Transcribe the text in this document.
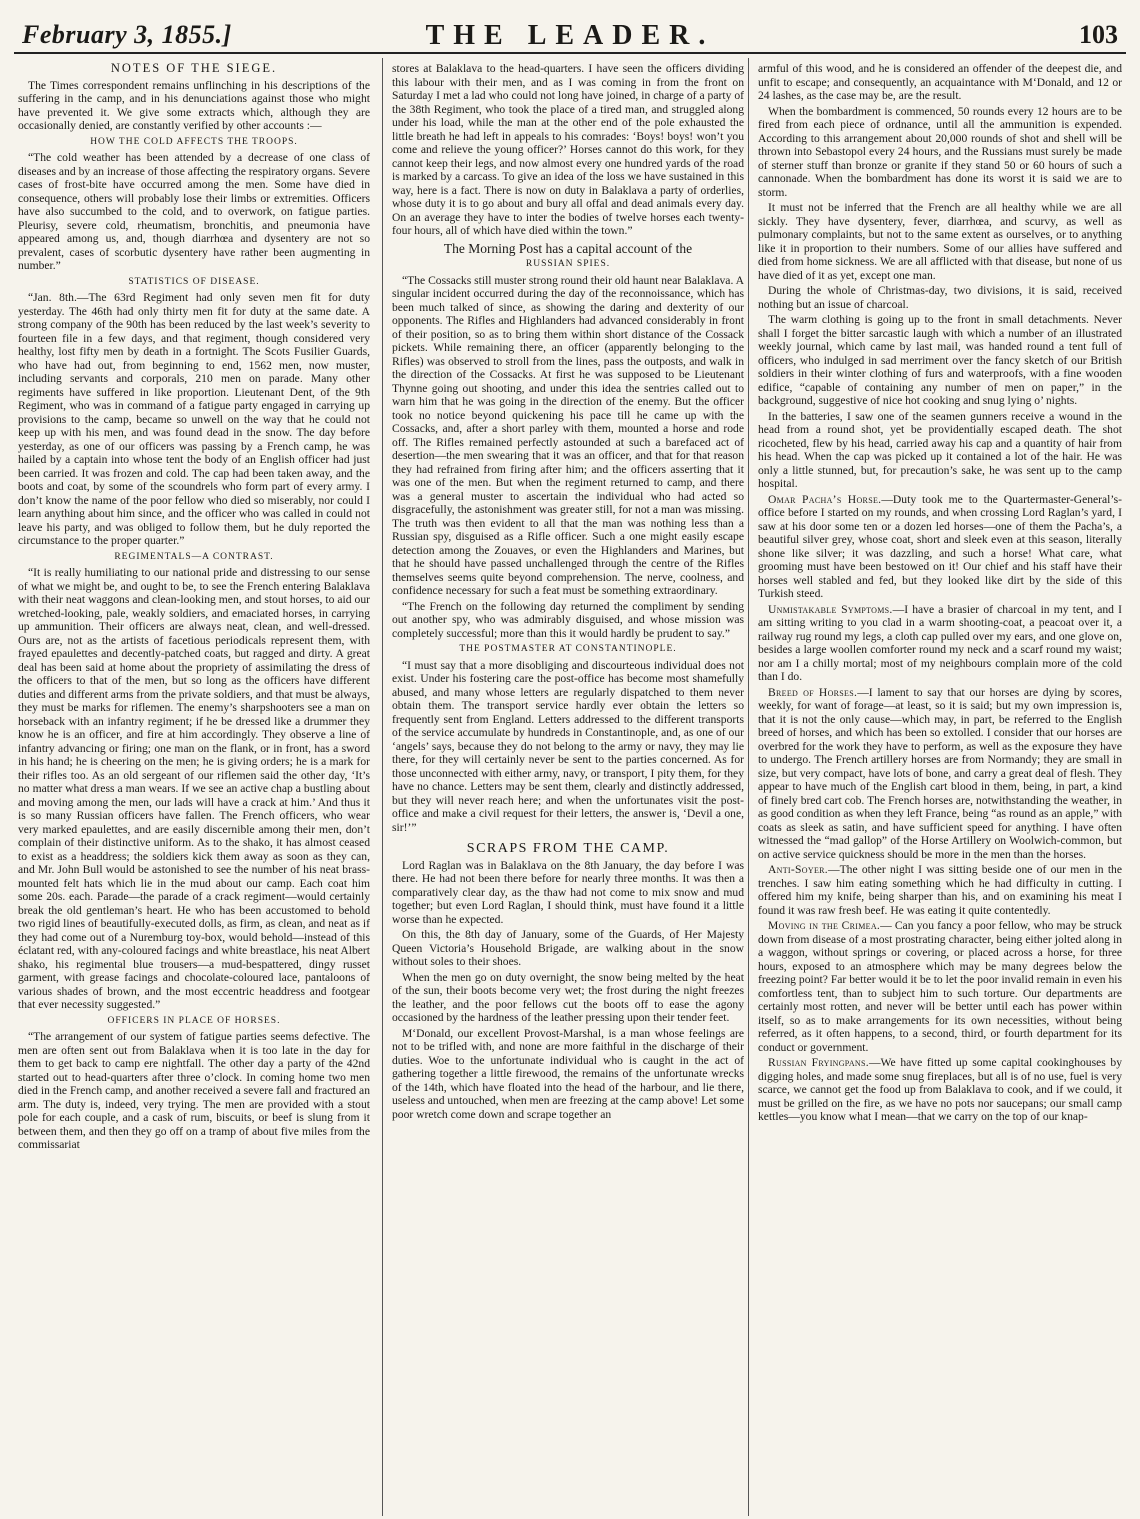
February 3, 1855.]	THE LEADER.	103
NOTES OF THE SIEGE.

The Times correspondent remains unflinching in his descriptions of the suffering in the camp, and in his denunciations against those who might have prevented it. We give some extracts which, although they are occasionally denied, are constantly verified by other accounts :—

HOW THE COLD AFFECTS THE TROOPS.

“The cold weather has been attended by a decrease of one class of diseases and by an increase of those affecting the respiratory organs. Severe cases of frost-bite have occurred among the men. Some have died in consequence, others will probably lose their limbs or extremities. Officers have also succumbed to the cold, and to overwork, on fatigue parties. Pleurisy, severe cold, rheumatism, bronchitis, and pneumonia have appeared among us, and, though diarrhœa and dysentery are not so prevalent, cases of scorbutic dysentery have rather been augmenting in number.”

STATISTICS OF DISEASE.

“Jan. 8th.—The 63rd Regiment had only seven men fit for duty yesterday. The 46th had only thirty men fit for duty at the same date. A strong company of the 90th has been reduced by the last week’s severity to fourteen file in a few days, and that regiment, though considered very healthy, lost fifty men by death in a fortnight. The Scots Fusilier Guards, who have had out, from beginning to end, 1562 men, now muster, including servants and corporals, 210 men on parade. Many other regiments have suffered in like proportion. Lieutenant Dent, of the 9th Regiment, who was in command of a fatigue party engaged in carrying up provisions to the camp, became so unwell on the way that he could not keep up with his men, and was found dead in the snow. The day before yesterday, as one of our officers was passing by a French camp, he was hailed by a captain into whose tent the body of an English officer had just been carried. It was frozen and cold. The cap had been taken away, and the boots and coat, by some of the scoundrels who form part of every army. I don’t know the name of the poor fellow who died so miserably, nor could I learn anything about him since, and the officer who was called in could not leave his party, and was obliged to follow them, but he duly reported the circumstance to the proper quarter.”

REGIMENTALS—A CONTRAST.

“It is really humiliating to our national pride and distressing to our sense of what we might be, and ought to be, to see the French entering Balaklava with their neat waggons and clean-looking men, and stout horses, to aid our wretched-looking, pale, weakly soldiers, and emaciated horses, in carrying up ammunition. Their officers are always neat, clean, and well-dressed. Ours are, not as the artists of facetious periodicals represent them, with frayed epaulettes and decently-patched coats, but ragged and dirty. A great deal has been said at home about the propriety of assimilating the dress of the officers to that of the men, but so long as the officers have different duties and different arms from the private soldiers, and that must be always, they must be marks for riflemen. The enemy’s sharpshooters see a man on horseback with an infantry regiment; if he be dressed like a drummer they know he is an officer, and fire at him accordingly. They observe a line of infantry advancing or firing; one man on the flank, or in front, has a sword in his hand; he is cheering on the men; he is giving orders; he is a mark for their rifles too. As an old sergeant of our riflemen said the other day, ‘It’s no matter what dress a man wears. If we see an active chap a bustling about and moving among the men, our lads will have a crack at him.’ And thus it is so many Russian officers have fallen. The French officers, who wear very marked epaulettes, and are easily discernible among their men, don’t complain of their distinctive uniform. As to the shako, it has almost ceased to exist as a headdress; the soldiers kick them away as soon as they can, and Mr. John Bull would be astonished to see the number of his neat brass-mounted felt hats which lie in the mud about our camp. Each coat him some 20s. each. Parade—the parade of a crack regiment—would certainly break the old gentleman’s heart. He who has been accustomed to behold two rigid lines of beautifully-executed dolls, as firm, as clean, and neat as if they had come out of a Nuremburg toy-box, would behold—instead of this éclatant red, with any-coloured facings and white breastlace, his neat Albert shako, his regimental blue trousers—a mud-bespattered, dingy russet garment, with grease facings and chocolate-coloured lace, pantaloons of various shades of brown, and the most eccentric headdress and footgear that ever necessity suggested.”

OFFICERS IN PLACE OF HORSES.

“The arrangement of our system of fatigue parties seems defective. The men are often sent out from Balaklava when it is too late in the day for them to get back to camp ere nightfall. The other day a party of the 42nd started out to head-quarters after three o’clock. In coming home two men died in the French camp, and another received a severe fall and fractured an arm. The duty is, indeed, very trying. The men are provided with a stout pole for each couple, and a cask of rum, biscuits, or beef is slung from it between them, and then they go off on a tramp of about five miles from the commissariat

stores at Balaklava to the head-quarters. I have seen the officers dividing this labour with their men, and as I was coming in from the front on Saturday I met a lad who could not long have joined, in charge of a party of the 38th Regiment, who took the place of a tired man, and struggled along under his load, while the man at the other end of the pole exhausted the little breath he had left in appeals to his comrades: ‘Boys! boys! won’t you come and relieve the young officer?’ Horses cannot do this work, for they cannot keep their legs, and now almost every one hundred yards of the road is marked by a carcass. To give an idea of the loss we have sustained in this way, here is a fact. There is now on duty in Balaklava a party of orderlies, whose duty it is to go about and bury all offal and dead animals every day. On an average they have to inter the bodies of twelve horses each twenty-four hours, all of which have died within the town.”

The Morning Post has a capital account of the
RUSSIAN SPIES.

“The Cossacks still muster strong round their old haunt near Balaklava. A singular incident occurred during the day of the reconnoissance, which has been much talked of since, as showing the daring and dexterity of our opponents. The Rifles and Highlanders had advanced considerably in front of their position, so as to bring them within short distance of the Cossack pickets. While remaining there, an officer (apparently belonging to the Rifles) was observed to stroll from the lines, pass the outposts, and walk in the direction of the Cossacks. At first he was supposed to be Lieutenant Thynne going out shooting, and under this idea the sentries called out to warn him that he was going in the direction of the enemy. But the officer took no notice beyond quickening his pace till he came up with the Cossacks, and, after a short parley with them, mounted a horse and rode off. The Rifles remained perfectly astounded at such a barefaced act of desertion—the men swearing that it was an officer, and that for that reason they had refrained from firing after him; and the officers asserting that it was one of the men. But when the regiment returned to camp, and there was a general muster to ascertain the individual who had acted so disgracefully, the astonishment was greater still, for not a man was missing. The truth was then evident to all that the man was nothing less than a Russian spy, disguised as a Rifle officer. Such a one might easily escape detection among the Zouaves, or even the Highlanders and Marines, but that he should have passed unchallenged through the centre of the Rifles themselves seems quite beyond comprehension. The nerve, coolness, and confidence necessary for such a feat must be something extraordinary.

“The French on the following day returned the compliment by sending out another spy, who was admirably disguised, and whose mission was completely successful; more than this it would hardly be prudent to say.”

THE POSTMASTER AT CONSTANTINOPLE.

“I must say that a more disobliging and discourteous individual does not exist. Under his fostering care the post-office has become most shamefully abused, and many whose letters are regularly dispatched to them never obtain them. The transport service hardly ever obtain the letters so frequently sent from England. Letters addressed to the different transports of the service accumulate by hundreds in Constantinople, and, as one of our ‘angels’ says, because they do not belong to the army or navy, they may lie there, for they will certainly never be sent to the parties concerned. As for those unconnected with either army, navy, or transport, I pity them, for they have no chance. Letters may be sent them, clearly and distinctly addressed, but they will never reach here; and when the unfortunates visit the post-office and make a civil request for their letters, the answer is, ‘Devil a one, sir!’”

SCRAPS FROM THE CAMP.

Lord Raglan was in Balaklava on the 8th January, the day before I was there. He had not been there before for nearly three months. It was then a comparatively clear day, as the thaw had not come to mix snow and mud together; but even Lord Raglan, I should think, must have found it a little worse than he expected.

On this, the 8th day of January, some of the Guards, of Her Majesty Queen Victoria’s Household Brigade, are walking about in the snow without soles to their shoes.

When the men go on duty overnight, the snow being melted by the heat of the sun, their boots become very wet; the frost during the night freezes the leather, and the poor fellows cut the boots off to ease the agony occasioned by the hardness of the leather pressing upon their tender feet.

M‘Donald, our excellent Provost-Marshal, is a man whose feelings are not to be trifled with, and none are more faithful in the discharge of their duties. Woe to the unfortunate individual who is caught in the act of gathering together a little firewood, the remains of the unfortunate wrecks of the 14th, which have floated into the head of the harbour, and lie there, useless and untouched, when men are freezing at the camp above! Let some poor wretch come down and scrape together an

armful of this wood, and he is considered an offender of the deepest die, and unfit to escape; and consequently, an acquaintance with M‘Donald, and 12 or 24 lashes, as the case may be, are the result.

When the bombardment is commenced, 50 rounds every 12 hours are to be fired from each piece of ordnance, until all the ammunition is expended. According to this arrangement about 20,000 rounds of shot and shell will be thrown into Sebastopol every 24 hours, and the Russians must surely be made of sterner stuff than bronze or granite if they stand 50 or 60 hours of such a cannonade. When the bombardment has done its worst it is said we are to storm.

It must not be inferred that the French are all healthy while we are all sickly. They have dysentery, fever, diarrhœa, and scurvy, as well as pulmonary complaints, but not to the same extent as ourselves, or to anything like it in proportion to their numbers. Some of our allies have suffered and died from home sickness. We are all afflicted with that disease, but none of us have died of it as yet, except one man.

During the whole of Christmas-day, two divisions, it is said, received nothing but an issue of charcoal.

The warm clothing is going up to the front in small detachments. Never shall I forget the bitter sarcastic laugh with which a number of an illustrated weekly journal, which came by last mail, was handed round a tent full of officers, who indulged in sad merriment over the fancy sketch of our British soldiers in their winter clothing of furs and waterproofs, with a fine wooden edifice, “capable of containing any number of men on paper,” in the background, suggestive of nice hot cooking and snug lying o’ nights.

In the batteries, I saw one of the seamen gunners receive a wound in the head from a round shot, yet be providentially escaped death. The shot ricocheted, flew by his head, carried away his cap and a quantity of hair from his head. When the cap was picked up it contained a lot of the hair. He was only a little stunned, but, for precaution’s sake, he was sent up to the camp hospital.

Omar Pacha’s Horse.—Duty took me to the Quartermaster-General’s-office before I started on my rounds, and when crossing Lord Raglan’s yard, I saw at his door some ten or a dozen led horses—one of them the Pacha’s, a beautiful silver grey, whose coat, short and sleek even at this season, literally shone like silver; it was dazzling, and such a horse! What care, what grooming must have been bestowed on it! Our chief and his staff have their horses well stabled and fed, but they looked like dirt by the side of this Turkish steed.

Unmistakable Symptoms.—I have a brasier of charcoal in my tent, and I am sitting writing to you clad in a warm shooting-coat, a peacoat over it, a railway rug round my legs, a cloth cap pulled over my ears, and one glove on, besides a large woollen comforter round my neck and a scarf round my waist; nor am I a chilly mortal; most of my neighbours complain more of the cold than I do.

Breed of Horses.—I lament to say that our horses are dying by scores, weekly, for want of forage—at least, so it is said; but my own impression is, that it is not the only cause—which may, in part, be referred to the English breed of horses, and which has been so extolled. I consider that our horses are overbred for the work they have to perform, as well as the exposure they have to undergo. The French artillery horses are from Normandy; they are small in size, but very compact, have lots of bone, and carry a great deal of flesh. They appear to have much of the English cart blood in them, being, in part, a kind of finely bred cart cob. The French horses are, notwithstanding the weather, in as good condition as when they left France, being “as round as an apple,” with coats as sleek as satin, and have sufficient speed for anything. I have often witnessed the “mad gallop” of the Horse Artillery on Woolwich-common, but on active service quickness should be more in the men than the horses.

Anti-Soyer.—The other night I was sitting beside one of our men in the trenches. I saw him eating something which he had difficulty in cutting. I offered him my knife, being sharper than his, and on examining his meat I found it was raw fresh beef. He was eating it quite contentedly.

Moving in the Crimea.— Can you fancy a poor fellow, who may be struck down from disease of a most prostrating character, being either jolted along in a waggon, without springs or covering, or placed across a horse, for three hours, exposed to an atmosphere which may be many degrees below the freezing point? Far better would it be to let the poor invalid remain in even his comfortless tent, than to subject him to such torture. Our departments are certainly most rotten, and never will be better until each has power within itself, so as to make arrangements for its own necessities, without being referred, as it often happens, to a second, third, or fourth department for its conduct or government.

Russian Fryingpans.—We have fitted up some capital cookinghouses by digging holes, and made some snug fireplaces, but all is of no use, fuel is very scarce, we cannot get the food up from Balaklava to cook, and if we could, it must be grilled on the fire, as we have no pots nor saucepans; our small camp kettles—you know what I mean—that we carry on the top of our knap-
